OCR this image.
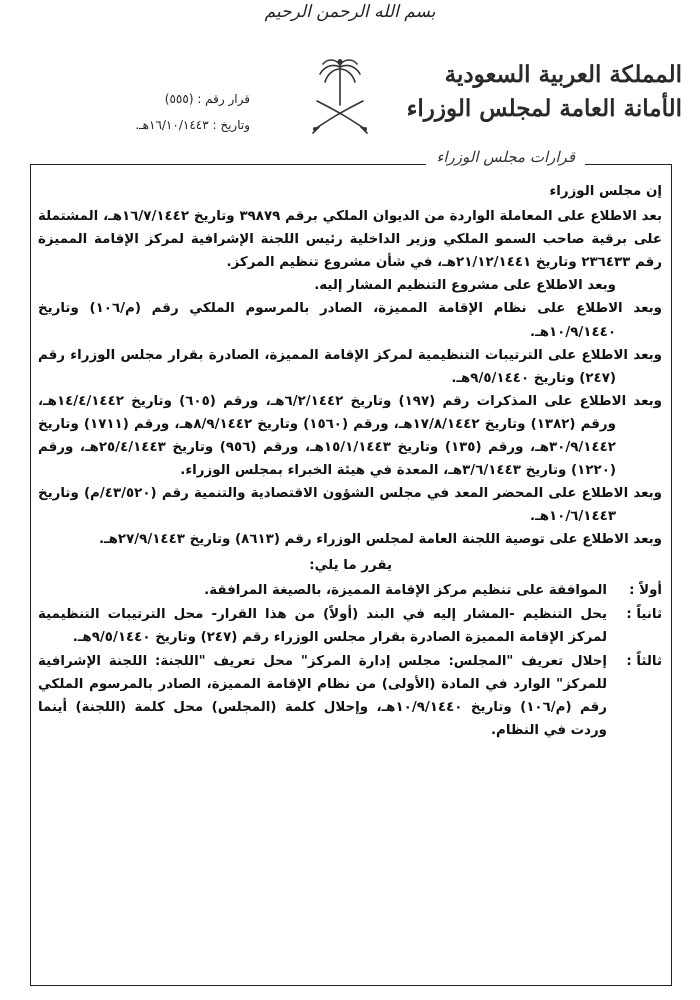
بسم الله الرحمن الرحيم
المملكة العربية السعودية
الأمانة العامة لمجلس الوزراء
قرار رقم : (٥٥٥)
وتاريخ : ١٦/١٠/١٤٤٣هـ.
قرارات مجلس الوزراء

إن مجلس الوزراء

بعد الاطلاع على المعاملة الواردة من الديوان الملكي برقم ٣٩٨٧٩ وتاريخ ١٦/٧/١٤٤٢هـ، المشتملة على برقية صاحب السمو الملكي وزير الداخلية رئيس اللجنة الإشرافية لمركز الإقامة المميزة رقم ٢٣٦٤٣٣ وتاريخ ٢١/١٢/١٤٤١هـ، في شأن مشروع تنظيم المركز.

وبعد الاطلاع على مشروع التنظيم المشار إليه.

وبعد الاطلاع على نظام الإقامة المميزة، الصادر بالمرسوم الملكي رقم (م/١٠٦) وتاريخ ١٠/٩/١٤٤٠هـ.

وبعد الاطلاع على الترتيبات التنظيمية لمركز الإقامة المميزة، الصادرة بقرار مجلس الوزراء رقم (٢٤٧) وتاريخ ٩/٥/١٤٤٠هـ.

وبعد الاطلاع على المذكرات رقم (١٩٧) وتاريخ ٦/٢/١٤٤٢هـ، ورقم (٦٠٥) وتاريخ ١٤/٤/١٤٤٢هـ، ورقم (١٣٨٢) وتاريخ ١٧/٨/١٤٤٢هـ، ورقم (١٥٦٠) وتاريخ ٨/٩/١٤٤٢هـ، ورقم (١٧١١) وتاريخ ٣٠/٩/١٤٤٢هـ، ورقم (١٣٥) وتاريخ ١٥/١/١٤٤٣هـ، ورقم (٩٥٦) وتاريخ ٢٥/٤/١٤٤٣هـ، ورقم (١٢٢٠) وتاريخ ٣/٦/١٤٤٣هـ، المعدة في هيئة الخبراء بمجلس الوزراء.

وبعد الاطلاع على المحضر المعد في مجلس الشؤون الاقتصادية والتنمية رقم (٤٣/٥٢٠/م) وتاريخ ١٠/٦/١٤٤٣هـ.

وبعد الاطلاع على توصية اللجنة العامة لمجلس الوزراء رقم (٨٦١٣) وتاريخ ٢٧/٩/١٤٤٣هـ.

يقرر ما يلي:

أولاً :الموافقة على تنظيم مركز الإقامة المميزة، بالصيغة المرافقة.

ثانياً :يحل التنظيم -المشار إليه في البند (أولاً) من هذا القرار- محل الترتيبات التنظيمية لمركز الإقامة المميزة الصادرة بقرار مجلس الوزراء رقم (٢٤٧) وتاريخ ٩/٥/١٤٤٠هـ.

ثالثاً :إحلال تعريف "المجلس: مجلس إدارة المركز" محل تعريف "اللجنة: اللجنة الإشرافية للمركز" الوارد في المادة (الأولى) من نظام الإقامة المميزة، الصادر بالمرسوم الملكي رقم (م/١٠٦) وتاريخ ١٠/٩/١٤٤٠هـ، وإحلال كلمة (المجلس) محل كلمة (اللجنة) أينما وردت في النظام.
